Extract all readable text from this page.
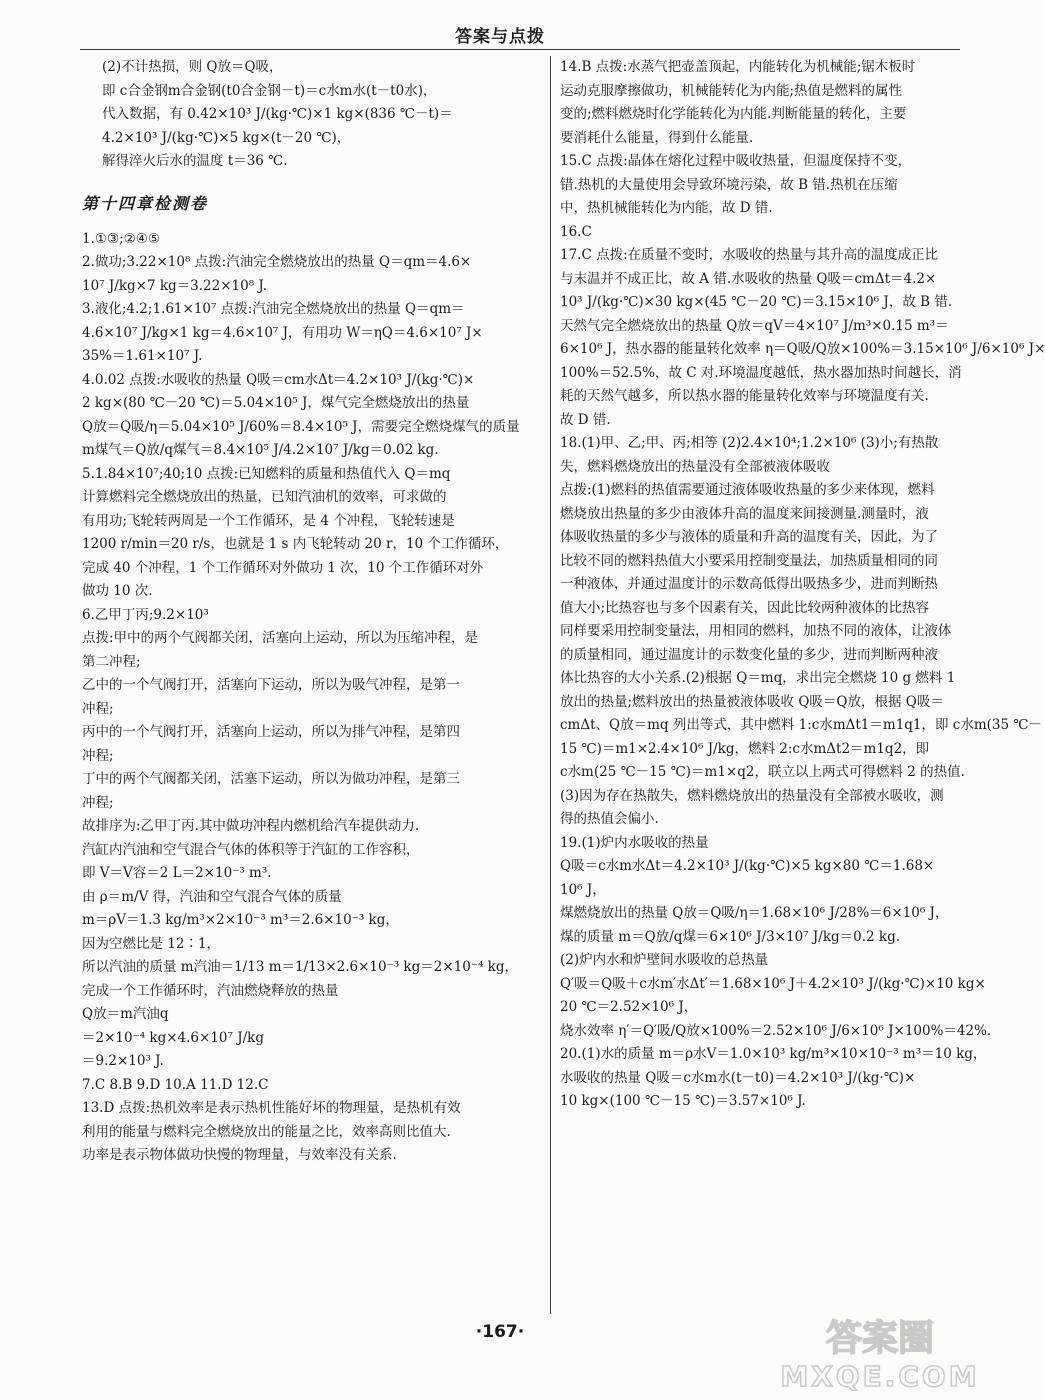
答案与点拨
(2)不计热损，则 Q放＝Q吸，
即 c合金钢m合金钢(t0合金钢－t)＝c水m水(t－t0水)，
代入数据，有 0.42×10³ J/(kg·℃)×1 kg×(836 ℃－t)＝
4.2×10³ J/(kg·℃)×5 kg×(t－20 ℃)，
解得淬火后水的温度 t＝36 ℃.
第十四章检测卷
1.①③;②④⑤
2.做功;3.22×10⁸ 点拨:汽油完全燃烧放出的热量 Q＝qm＝4.6×
10⁷ J/kg×7 kg＝3.22×10⁸ J.
3.液化;4.2;1.61×10⁷ 点拨:汽油完全燃烧放出的热量 Q＝qm＝
4.6×10⁷ J/kg×1 kg＝4.6×10⁷ J，有用功 W＝ηQ＝4.6×10⁷ J×
35%＝1.61×10⁷ J.
4.0.02 点拨:水吸收的热量 Q吸＝cm水Δt＝4.2×10³ J/(kg·℃)×
2 kg×(80 ℃－20 ℃)＝5.04×10⁵ J，煤气完全燃烧放出的热量
Q放＝Q吸/η＝5.04×10⁵ J/60%＝8.4×10⁵ J，需要完全燃烧煤气的质量
m煤气＝Q放/q煤气＝8.4×10⁵ J/4.2×10⁷ J/kg＝0.02 kg.
5.1.84×10⁷;40;10 点拨:已知燃料的质量和热值代入 Q＝mq
计算燃料完全燃烧放出的热量，已知汽油机的效率，可求做的
有用功;飞轮转两周是一个工作循环，是 4 个冲程，飞轮转速是
1200 r/min＝20 r/s，也就是 1 s 内飞轮转动 20 r，10 个工作循环，
完成 40 个冲程，1 个工作循环对外做功 1 次，10 个工作循环对外
做功 10 次.
6.乙甲丁丙;9.2×10³
点拨:甲中的两个气阀都关闭，活塞向上运动，所以为压缩冲程，是
第二冲程;
乙中的一个气阀打开，活塞向下运动，所以为吸气冲程，是第一
冲程;
丙中的一个气阀打开，活塞向上运动，所以为排气冲程，是第四
冲程;
丁中的两个气阀都关闭，活塞下运动，所以为做功冲程，是第三
冲程;
故排序为:乙甲丁丙.其中做功冲程内燃机给汽车提供动力.
汽缸内汽油和空气混合气体的体积等于汽缸的工作容积，
即 V＝V容＝2 L＝2×10⁻³ m³.
由 ρ＝m/V 得，汽油和空气混合气体的质量
m＝ρV＝1.3 kg/m³×2×10⁻³ m³＝2.6×10⁻³ kg，
因为空燃比是 12∶1，
所以汽油的质量 m汽油＝1/13 m＝1/13×2.6×10⁻³ kg＝2×10⁻⁴ kg，
完成一个工作循环时，汽油燃烧释放的热量
Q放＝m汽油q
＝2×10⁻⁴ kg×4.6×10⁷ J/kg
＝9.2×10³ J.
7.C 8.B 9.D 10.A 11.D 12.C
13.D 点拨:热机效率是表示热机性能好坏的物理量，是热机有效
利用的能量与燃料完全燃烧放出的能量之比，效率高则比值大.
功率是表示物体做功快慢的物理量，与效率没有关系.
14.B 点拨:水蒸气把壶盖顶起，内能转化为机械能;锯木板时
运动克服摩擦做功，机械能转化为内能;热值是燃料的属性
变的;燃料燃烧时化学能转化为内能.判断能量的转化，主要
要消耗什么能量，得到什么能量.
15.C 点拨:晶体在熔化过程中吸收热量，但温度保持不变，
错.热机的大量使用会导致环境污染，故 B 错.热机在压缩
中，热机械能转化为内能，故 D 错.
16.C
17.C 点拨:在质量不变时，水吸收的热量与其升高的温度成正比
与末温并不成正比，故 A 错.水吸收的热量 Q吸＝cmΔt＝4.2×
10³ J/(kg·℃)×30 kg×(45 ℃－20 ℃)＝3.15×10⁶ J，故 B 错.
天然气完全燃烧放出的热量 Q放＝qV＝4×10⁷ J/m³×0.15 m³＝
6×10⁶ J，热水器的能量转化效率 η＝Q吸/Q放×100%＝3.15×10⁶ J/6×10⁶ J×
100%＝52.5%，故 C 对.环境温度越低，热水器加热时间越长，消
耗的天然气越多，所以热水器的能量转化效率与环境温度有关.
故 D 错.
18.(1)甲、乙;甲、丙;相等 (2)2.4×10⁴;1.2×10⁶ (3)小;有热散
失，燃料燃烧放出的热量没有全部被液体吸收
点拨:(1)燃料的热值需要通过液体吸收热量的多少来体现，燃料
燃烧放出热量的多少由液体升高的温度来间接测量.测量时，液
体吸收热量的多少与液体的质量和升高的温度有关，因此，为了
比较不同的燃料热值大小要采用控制变量法，加热质量相同的同
一种液体，并通过温度计的示数高低得出吸热多少，进而判断热
值大小;比热容也与多个因素有关，因此比较两种液体的比热容
同样要采用控制变量法，用相同的燃料，加热不同的液体，让液体
的质量相同，通过温度计的示数变化量的多少，进而判断两种液
体比热容的大小关系.(2)根据 Q＝mq，求出完全燃烧 10 g 燃料 1
放出的热量;燃料放出的热量被液体吸收 Q吸＝Q放，根据 Q吸＝
cmΔt、Q放＝mq 列出等式，其中燃料 1:c水mΔt1＝m1q1，即 c水m(35 ℃－
15 ℃)＝m1×2.4×10⁶ J/kg，燃料 2:c水mΔt2＝m1q2，即
c水m(25 ℃－15 ℃)＝m1×q2，联立以上两式可得燃料 2 的热值.
(3)因为存在热散失，燃料燃烧放出的热量没有全部被水吸收，测
得的热值会偏小.
19.(1)炉内水吸收的热量
Q吸＝c水m水Δt＝4.2×10³ J/(kg·℃)×5 kg×80 ℃＝1.68×
10⁶ J，
煤燃烧放出的热量 Q放＝Q吸/η＝1.68×10⁶ J/28%＝6×10⁶ J，
煤的质量 m＝Q放/q煤＝6×10⁶ J/3×10⁷ J/kg＝0.2 kg.
(2)炉内水和炉壁间水吸收的总热量
Q′吸＝Q吸＋c水m′水Δt′＝1.68×10⁶ J＋4.2×10³ J/(kg·℃)×10 kg×
20 ℃＝2.52×10⁶ J，
烧水效率 η′＝Q′吸/Q放×100%＝2.52×10⁶ J/6×10⁶ J×100%＝42%.
20.(1)水的质量 m＝ρ水V＝1.0×10³ kg/m³×10×10⁻³ m³＝10 kg，
水吸收的热量 Q吸＝c水m水(t－t0)＝4.2×10³ J/(kg·℃)×
10 kg×(100 ℃－15 ℃)＝3.57×10⁶ J.
·167·	答案圈
MXQE.COM
